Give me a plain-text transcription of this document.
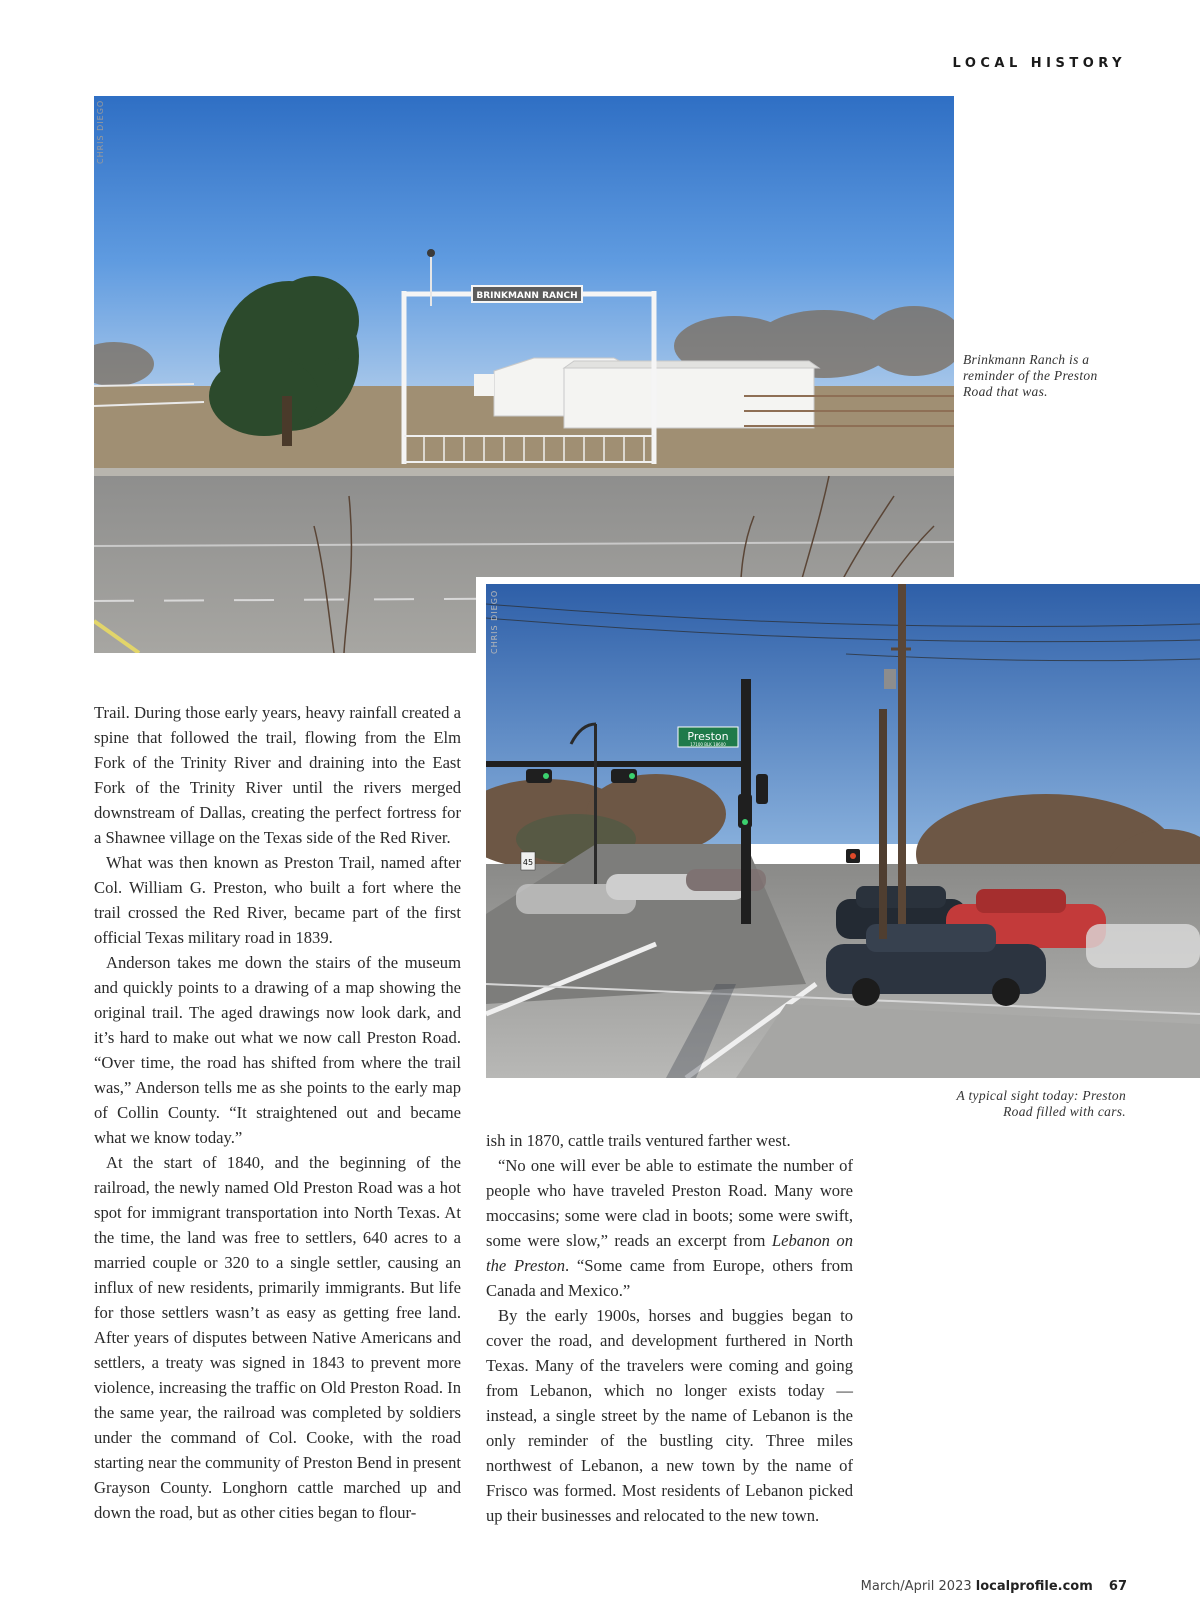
LOCAL HISTORY
BRINKMANN RANCH
CHRIS DIEGO
Brinkmann Ranch is a reminder of the Preston Road that was.
Preston
17100 BLK 18600
45
CHRIS DIEGO
A typical sight today: Preston
Road filled with cars.

Trail. During those early years, heavy rainfall created a spine that followed the trail, flowing from the Elm Fork of the Trinity River and draining into the East Fork of the Trinity River until the rivers merged downstream of Dallas, creating the perfect fortress for a Shawnee village on the Texas side of the Red River.

What was then known as Preston Trail, named after Col. William G. Preston, who built a fort where the trail crossed the Red River, became part of the first official Texas military road in 1839.

Anderson takes me down the stairs of the museum and quickly points to a drawing of a map showing the original trail. The aged drawings now look dark, and it’s hard to make out what we now call Preston Road. “Over time, the road has shifted from where the trail was,” Anderson tells me as she points to the early map of Collin County. “It straightened out and became what we know today.”

At the start of 1840, and the beginning of the railroad, the newly named Old Preston Road was a hot spot for immigrant transportation into North Texas. At the time, the land was free to settlers, 640 acres to a married couple or 320 to a single settler, causing an influx of new residents, primarily immigrants. But life for those settlers wasn’t as easy as getting free land. After years of disputes between Native Americans and settlers, a treaty was signed in 1843 to prevent more violence, increasing the traffic on Old Preston Road. In the same year, the railroad was completed by soldiers under the command of Col. Cooke, with the road starting near the community of Preston Bend in present Grayson County. Longhorn cattle marched up and down the road, but as other cities began to flour-

ish in 1870, cattle trails ventured farther west.

“No one will ever be able to estimate the number of people who have traveled Preston Road. Many wore moccasins; some were clad in boots; some were swift, some were slow,” reads an excerpt from Lebanon on the Preston. “Some came from Europe, others from Canada and Mexico.”

By the early 1900s, horses and buggies began to cover the road, and development furthered in North Texas. Many of the travelers were coming and going from Lebanon, which no longer exists today — instead, a single street by the name of Lebanon is the only reminder of the bustling city. Three miles northwest of Lebanon, a new town by the name of Frisco was formed. Most residents of Lebanon picked up their businesses and relocated to the new town.

March/April 2023 localprofile.com 67
